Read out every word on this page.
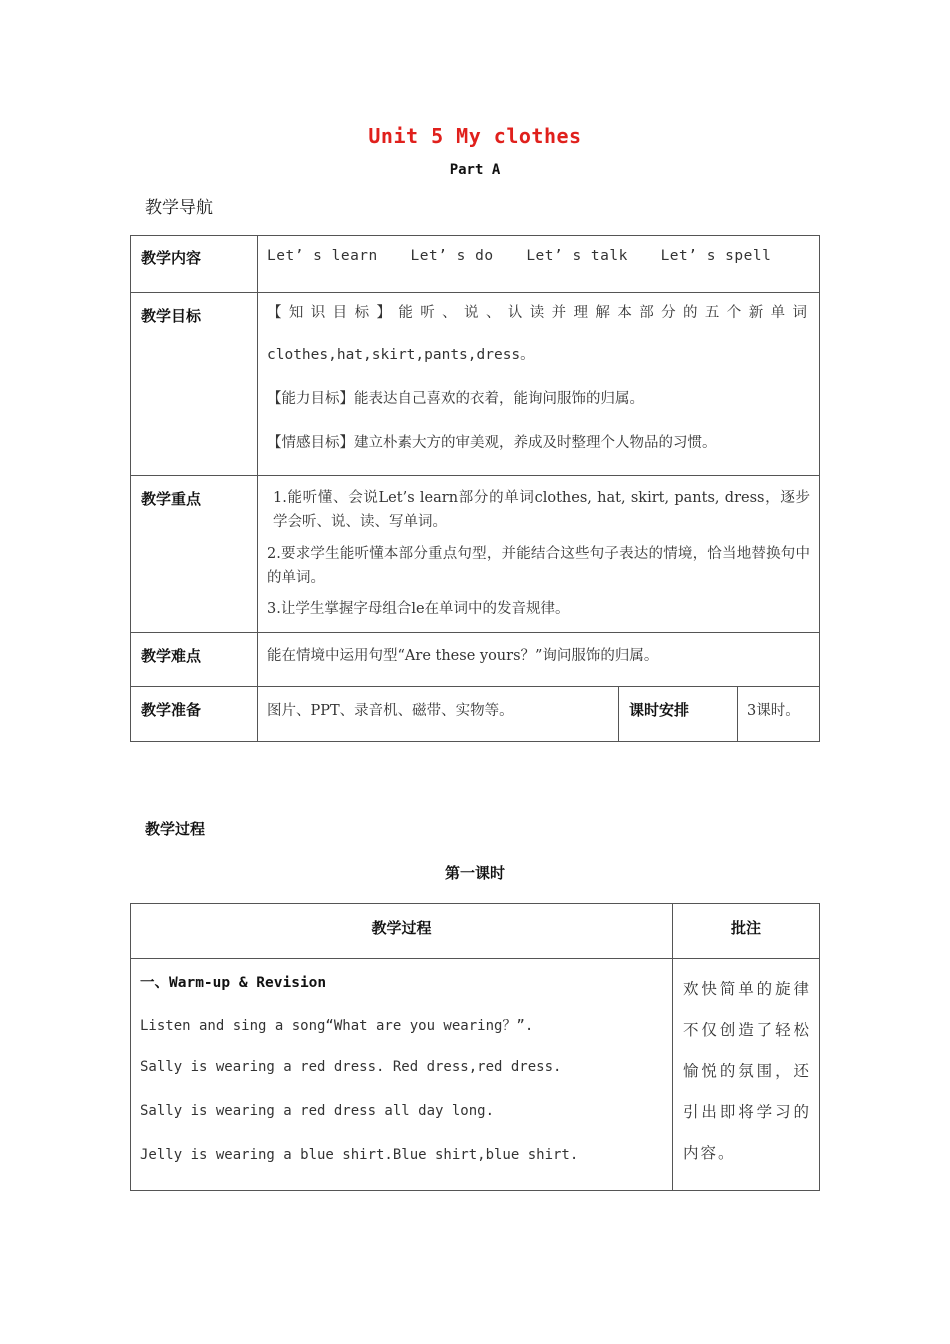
Unit 5 My clothes
Part A
教学导航
教学内容	Let’ s learn Let’ s do Let’ s talk Let’ s spell		
教学目标	【知识目标】能听、说、认读并理解本部分的五个新单词
clothes,hat,skirt,pants,dress。
【能力目标】能表达自己喜欢的衣着，能询问服饰的归属。
【情感目标】建立朴素大方的审美观，养成及时整理个人物品的习惯。		

教学重点	1.能听懂、会说Let’s learn部分的单词clothes, hat, skirt, pants, dress，逐步学会听、说、读、写单词。
2.要求学生能听懂本部分重点句型，并能结合这些句子表达的情境，恰当地替换句中的单词。
3.让学生掌握字母组合le在单词中的发音规律。		

教学难点	能在情境中运用句型“Are these yours？”询问服饰的归属。		
教学准备	图片、PPT、录音机、磁带、实物等。	课时安排	3课时。
教学过程
第一课时
教学过程	批注

一、Warm-up & Revision
Listen and sing a song“What are you wearing？”.
Sally is wearing a red dress. Red dress,red dress.
Sally is wearing a red dress all day long.
Jelly is wearing a blue shirt.Blue shirt,blue shirt.	欢快简单的旋律不仅创造了轻松愉悦的氛围，还引出即将学习的内容。
